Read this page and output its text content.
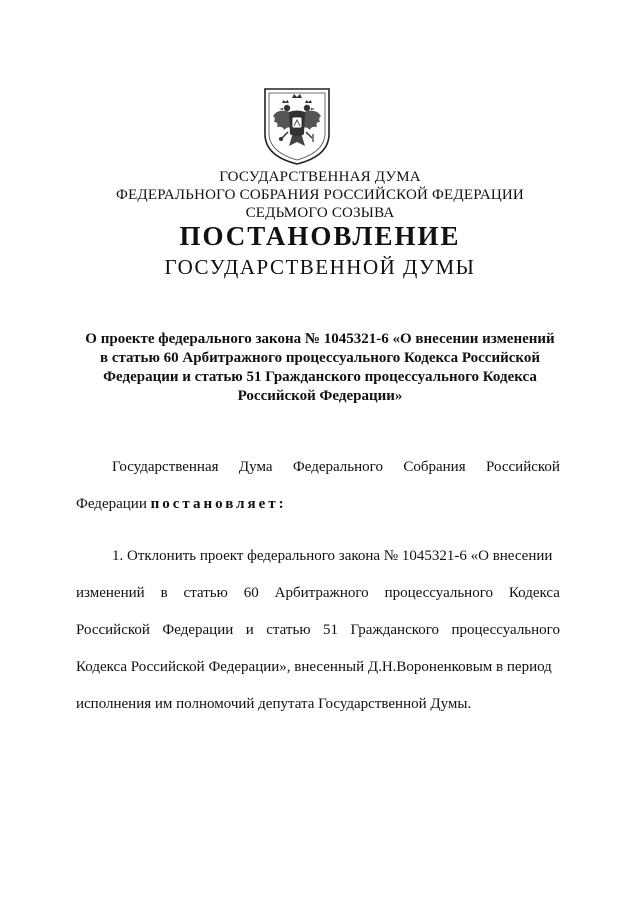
ГОСУДАРСТВЕННАЯ ДУМА
ФЕДЕРАЛЬНОГО СОБРАНИЯ РОССИЙСКОЙ ФЕДЕРАЦИИ
СЕДЬМОГО СОЗЫВА
ПОСТАНОВЛЕНИЕ
ГОСУДАРСТВЕННОЙ ДУМЫ
О проекте федерального закона № 1045321-6 «О внесении изменений
в статью 60 Арбитражного процессуального Кодекса Российской
Федерации и статью 51 Гражданского процессуального Кодекса
Российской Федерации»
Государственная Дума Федерального Собрания Российской
Федерации постановляет:
1. Отклонить проект федерального закона № 1045321-6 «О внесении
изменений в статью 60 Арбитражного процессуального Кодекса
Российской Федерации и статью 51 Гражданского процессуального
Кодекса Российской Федерации», внесенный Д.Н.Вороненковым в период
исполнения им полномочий депутата Государственной Думы.
